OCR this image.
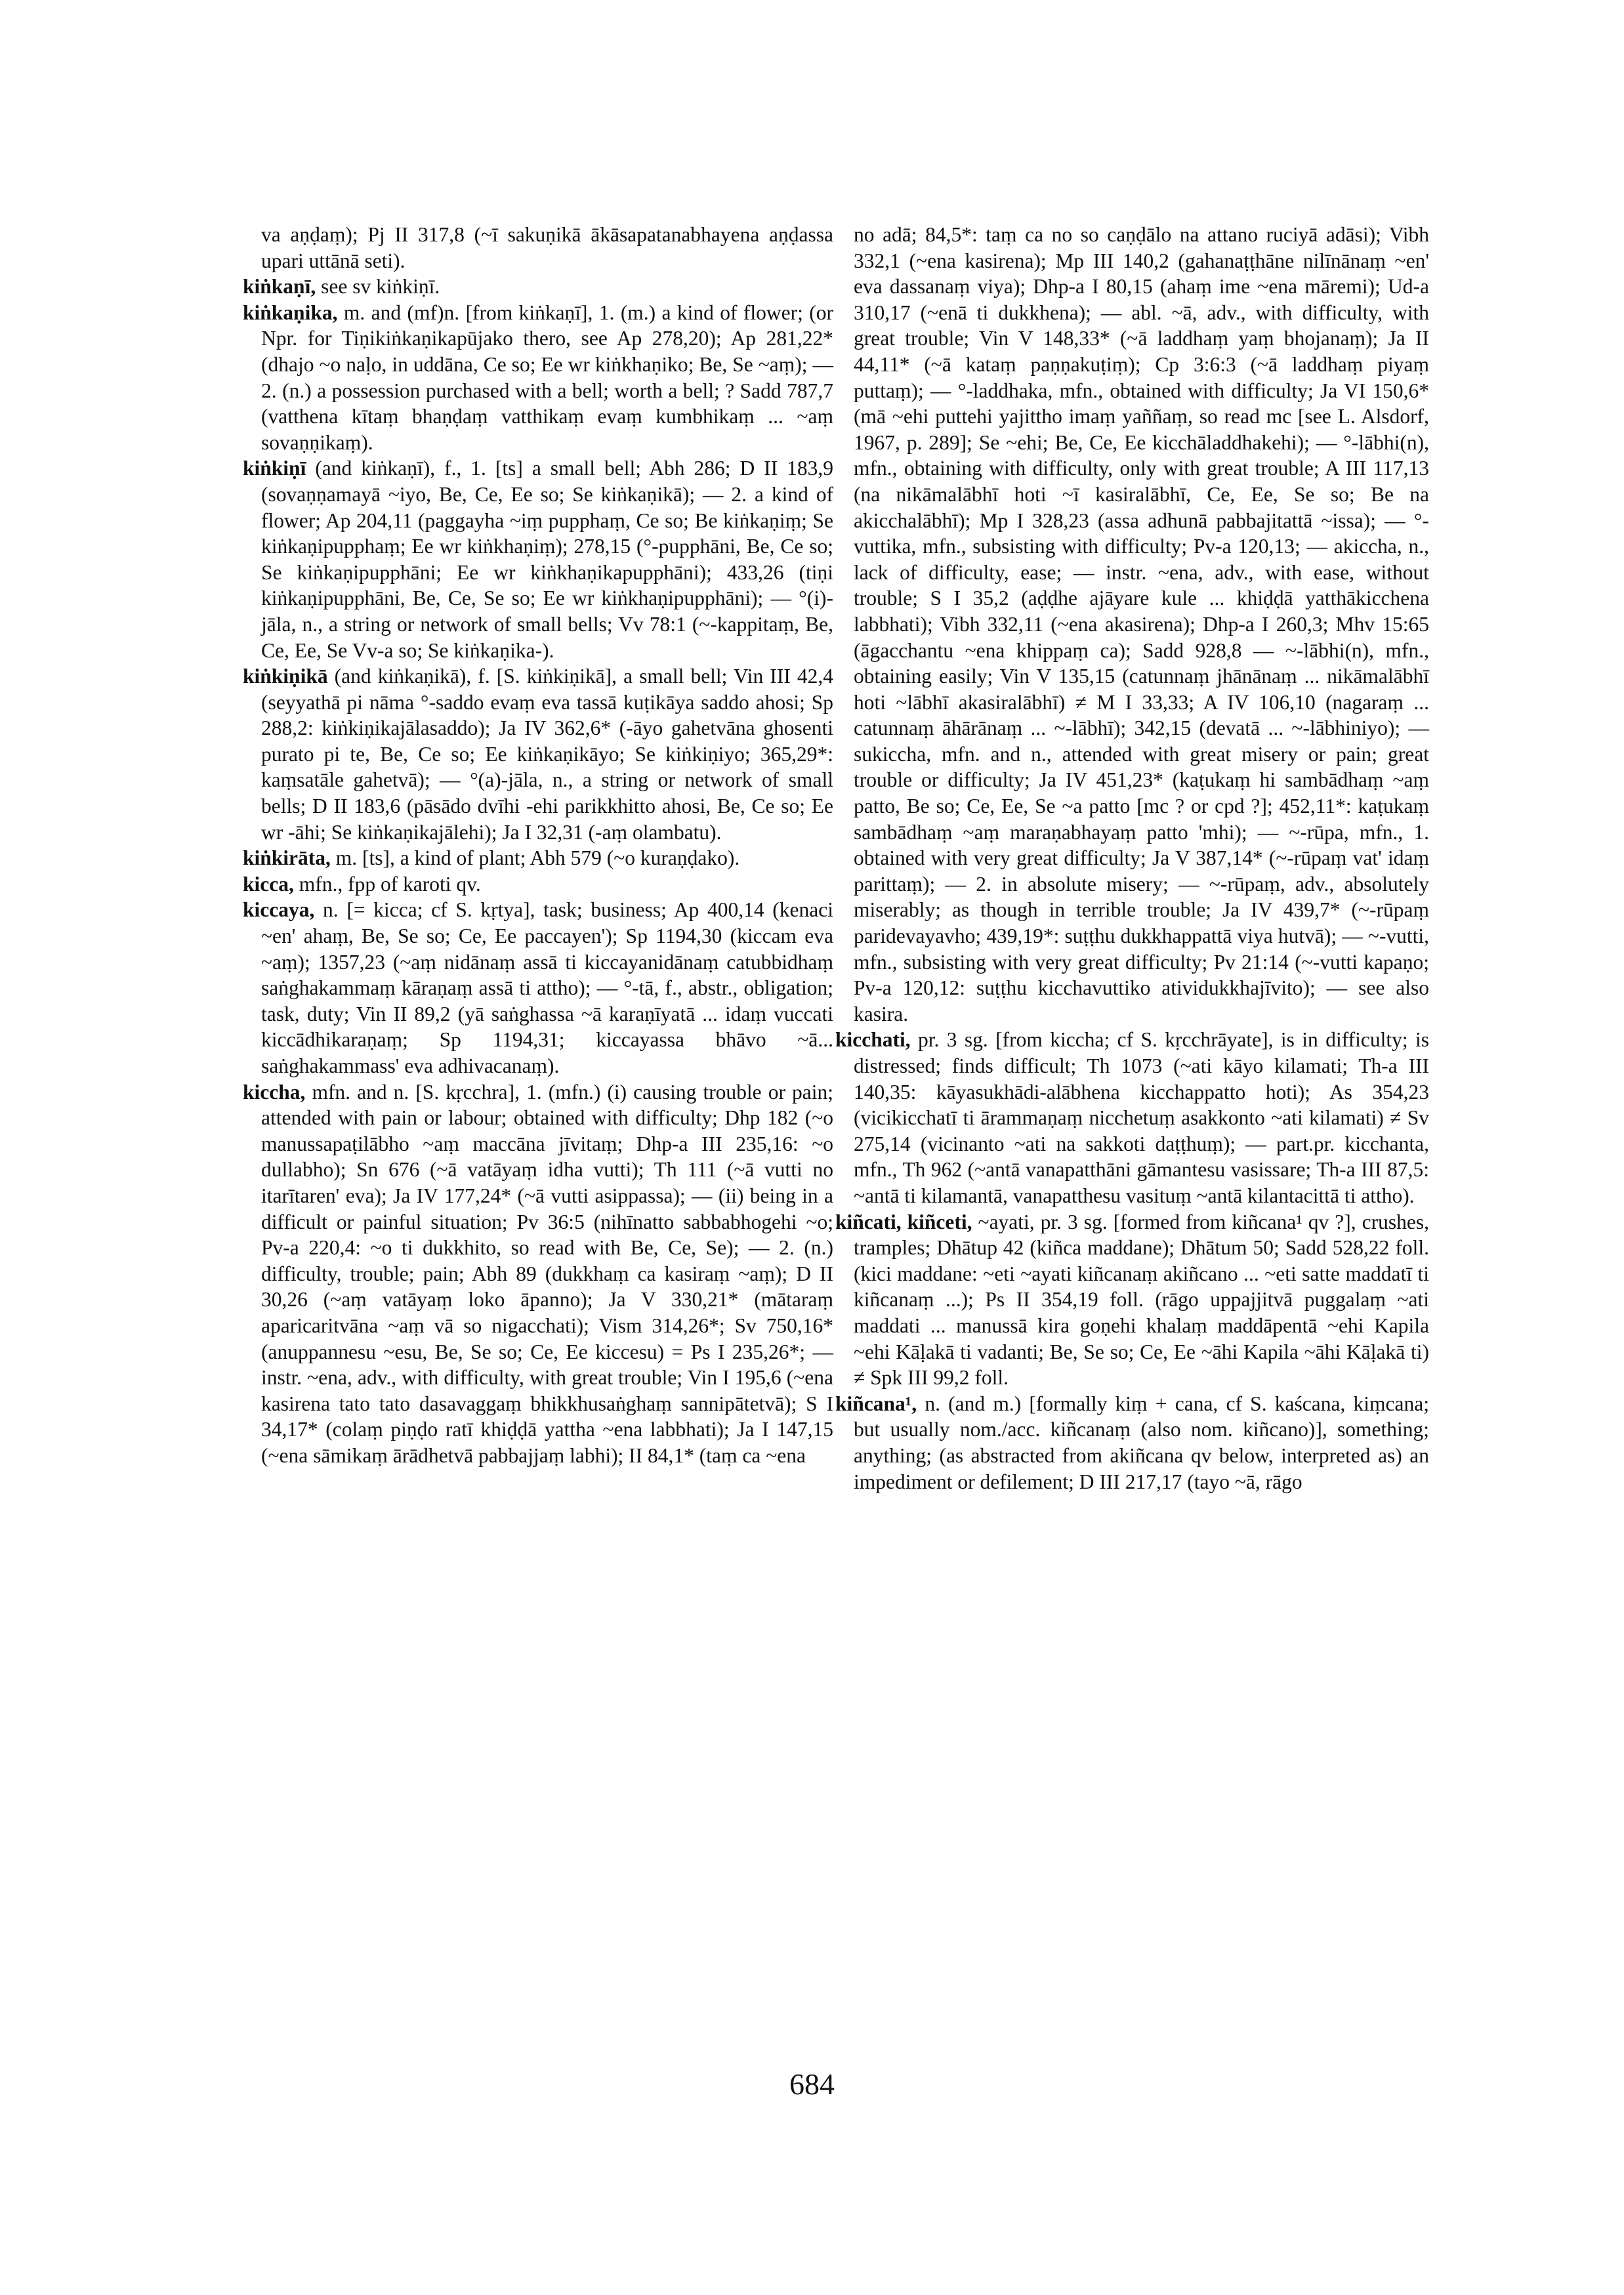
va aṇḍaṃ); Pj II 317,8 (~ī sakuṇikā ākāsapatanabhayena aṇḍassa upari uttānā seti).

kiṅkaṇī, see sv kiṅkiṇī.

kiṅkaṇika, m. and (mf)n. [from kiṅkaṇī], 1. (m.) a kind of flower; (or Npr. for Tiṇikiṅkaṇikapūjako thero, see Ap 278,20); Ap 281,22* (dhajo ~o naḷo, in uddāna, Ce so; Ee wr kiṅkhaṇiko; Be, Se ~aṃ); — 2. (n.) a possession purchased with a bell; worth a bell; ? Sadd 787,7 (vatthena kītaṃ bhaṇḍaṃ vatthikaṃ evaṃ kumbhikaṃ ... ~aṃ sovaṇṇikaṃ).

kiṅkiṇī (and kiṅkaṇī), f., 1. [ts] a small bell; Abh 286; D II 183,9 (sovaṇṇamayā ~iyo, Be, Ce, Ee so; Se kiṅkaṇikā); — 2. a kind of flower; Ap 204,11 (paggayha ~iṃ pupphaṃ, Ce so; Be kiṅkaṇiṃ; Se kiṅkaṇipupphaṃ; Ee wr kiṅkhaṇiṃ); 278,15 (°-pupphāni, Be, Ce so; Se kiṅkaṇipupphāni; Ee wr kiṅkhaṇikapupphāni); 433,26 (tiṇi kiṅkaṇipupphāni, Be, Ce, Se so; Ee wr kiṅkhaṇipupphāni); — °(i)-jāla, n., a string or network of small bells; Vv 78:1 (~-kappitaṃ, Be, Ce, Ee, Se Vv-a so; Se kiṅkaṇika-).

kiṅkiṇikā (and kiṅkaṇikā), f. [S. kiṅkiṇikā], a small bell; Vin III 42,4 (seyyathā pi nāma °-saddo evaṃ eva tassā kuṭikāya saddo ahosi; Sp 288,2: kiṅkiṇikajālasaddo); Ja IV 362,6* (-āyo gahetvāna ghosenti purato pi te, Be, Ce so; Ee kiṅkaṇikāyo; Se kiṅkiṇiyo; 365,29*: kaṃsatāle gahetvā); — °(a)-jāla, n., a string or network of small bells; D II 183,6 (pāsādo dvīhi -ehi parikkhitto ahosi, Be, Ce so; Ee wr -āhi; Se kiṅkaṇikajālehi); Ja I 32,31 (-aṃ olambatu).

kiṅkirāta, m. [ts], a kind of plant; Abh 579 (~o kuraṇḍako).

kicca, mfn., fpp of karoti qv.

kiccaya, n. [= kicca; cf S. kṛtya], task; business; Ap 400,14 (kenaci ~en' ahaṃ, Be, Se so; Ce, Ee paccayen'); Sp 1194,30 (kiccam eva ~aṃ); 1357,23 (~aṃ nidānaṃ assā ti kiccayanidānaṃ catubbidhaṃ saṅghakammaṃ kāraṇaṃ assā ti attho); — °-tā, f., abstr., obligation; task, duty; Vin II 89,2 (yā saṅghassa ~ā karaṇīyatā ... idaṃ vuccati kiccādhikaraṇaṃ; Sp 1194,31; kiccayassa bhāvo ~ā... saṅghakammass' eva adhivacanaṃ).

kiccha, mfn. and n. [S. kṛcchra], 1. (mfn.) (i) causing trouble or pain; attended with pain or labour; obtained with difficulty; Dhp 182 (~o manussapaṭilābho ~aṃ maccāna jīvitaṃ; Dhp-a III 235,16: ~o dullabho); Sn 676 (~ā vatāyaṃ idha vutti); Th 111 (~ā vutti no itarītaren' eva); Ja IV 177,24* (~ā vutti asippassa); — (ii) being in a difficult or painful situation; Pv 36:5 (nihīnatto sabbabhogehi ~o; Pv-a 220,4: ~o ti dukkhito, so read with Be, Ce, Se); — 2. (n.) difficulty, trouble; pain; Abh 89 (dukkhaṃ ca kasiraṃ ~aṃ); D II 30,26 (~aṃ vatāyaṃ loko āpanno); Ja V 330,21* (mātaraṃ aparicaritvāna ~aṃ vā so nigacchati); Vism 314,26*; Sv 750,16* (anuppannesu ~esu, Be, Se so; Ce, Ee kiccesu) = Ps I 235,26*; — instr. ~ena, adv., with difficulty, with great trouble; Vin I 195,6 (~ena kasirena tato tato dasavaggaṃ bhikkhusaṅghaṃ sannipātetvā); S I 34,17* (colaṃ piṇḍo ratī khiḍḍā yattha ~ena labbhati); Ja I 147,15 (~ena sāmikaṃ ārādhetvā pabbajjaṃ labhi); II 84,1* (taṃ ca ~ena

no adā; 84,5*: taṃ ca no so caṇḍālo na attano ruciyā adāsi); Vibh 332,1 (~ena kasirena); Mp III 140,2 (gahanaṭṭhāne nilīnānaṃ ~en' eva dassanaṃ viya); Dhp-a I 80,15 (ahaṃ ime ~ena māremi); Ud-a 310,17 (~enā ti dukkhena); — abl. ~ā, adv., with difficulty, with great trouble; Vin V 148,33* (~ā laddhaṃ yaṃ bhojanaṃ); Ja II 44,11* (~ā kataṃ paṇṇakuṭiṃ); Cp 3:6:3 (~ā laddhaṃ piyaṃ puttaṃ); — °-laddhaka, mfn., obtained with difficulty; Ja VI 150,6* (mā ~ehi puttehi yajittho imaṃ yaññaṃ, so read mc [see L. Alsdorf, 1967, p. 289]; Se ~ehi; Be, Ce, Ee kicchāladdhakehi); — °-lābhi(n), mfn., obtaining with difficulty, only with great trouble; A III 117,13 (na nikāmalābhī hoti ~ī kasiralābhī, Ce, Ee, Se so; Be na akicchalābhī); Mp I 328,23 (assa adhunā pabbajitattā ~issa); — °-vuttika, mfn., subsisting with difficulty; Pv-a 120,13; — akiccha, n., lack of difficulty, ease; — instr. ~ena, adv., with ease, without trouble; S I 35,2 (aḍḍhe ajāyare kule ... khiḍḍā yatthākicchena labbhati); Vibh 332,11 (~ena akasirena); Dhp-a I 260,3; Mhv 15:65 (āgacchantu ~ena khippaṃ ca); Sadd 928,8 — ~-lābhi(n), mfn., obtaining easily; Vin V 135,15 (catunnaṃ jhānānaṃ ... nikāmalābhī hoti ~lābhī akasiralābhī) ≠ M I 33,33; A IV 106,10 (nagaraṃ ... catunnaṃ āhārānaṃ ... ~-lābhī); 342,15 (devatā ... ~-lābhiniyo); — sukiccha, mfn. and n., attended with great misery or pain; great trouble or difficulty; Ja IV 451,23* (kaṭukaṃ hi sambādhaṃ ~aṃ patto, Be so; Ce, Ee, Se ~a patto [mc ? or cpd ?]; 452,11*: kaṭukaṃ sambādhaṃ ~aṃ maraṇabhayaṃ patto 'mhi); — ~-rūpa, mfn., 1. obtained with very great difficulty; Ja V 387,14* (~-rūpaṃ vat' idaṃ parittaṃ); — 2. in absolute misery; — ~-rūpaṃ, adv., absolutely miserably; as though in terrible trouble; Ja IV 439,7* (~-rūpaṃ paridevayavho; 439,19*: suṭṭhu dukkhappattā viya hutvā); — ~-vutti, mfn., subsisting with very great difficulty; Pv 21:14 (~-vutti kapaṇo; Pv-a 120,12: suṭṭhu kicchavuttiko atividukkhajīvito); — see also kasira.

kicchati, pr. 3 sg. [from kiccha; cf S. kṛcchrāyate], is in difficulty; is distressed; finds difficult; Th 1073 (~ati kāyo kilamati; Th-a III 140,35: kāyasukhādi-alābhena kicchappatto hoti); As 354,23 (vicikicchatī ti ārammaṇaṃ nicchetuṃ asakkonto ~ati kilamati) ≠ Sv 275,14 (vicinanto ~ati na sakkoti daṭṭhuṃ); — part.pr. kicchanta, mfn., Th 962 (~antā vanapatthāni gāmantesu vasissare; Th-a III 87,5: ~antā ti kilamantā, vanapatthesu vasituṃ ~antā kilantacittā ti attho).

kiñcati, kiñceti, ~ayati, pr. 3 sg. [formed from kiñcana¹ qv ?], crushes, tramples; Dhātup 42 (kiñca maddane); Dhātum 50; Sadd 528,22 foll. (kici maddane: ~eti ~ayati kiñcanaṃ akiñcano ... ~eti satte maddatī ti kiñcanaṃ ...); Ps II 354,19 foll. (rāgo uppajjitvā puggalaṃ ~ati maddati ... manussā kira goṇehi khalaṃ maddāpentā ~ehi Kapila ~ehi Kāḷakā ti vadanti; Be, Se so; Ce, Ee ~āhi Kapila ~āhi Kāḷakā ti) ≠ Spk III 99,2 foll.

kiñcana¹, n. (and m.) [formally kiṃ + cana, cf S. kaścana, kiṃcana; but usually nom./acc. kiñcanaṃ (also nom. kiñcano)], something; anything; (as abstracted from akiñcana qv below, interpreted as) an impediment or defilement; D III 217,17 (tayo ~ā, rāgo

684
